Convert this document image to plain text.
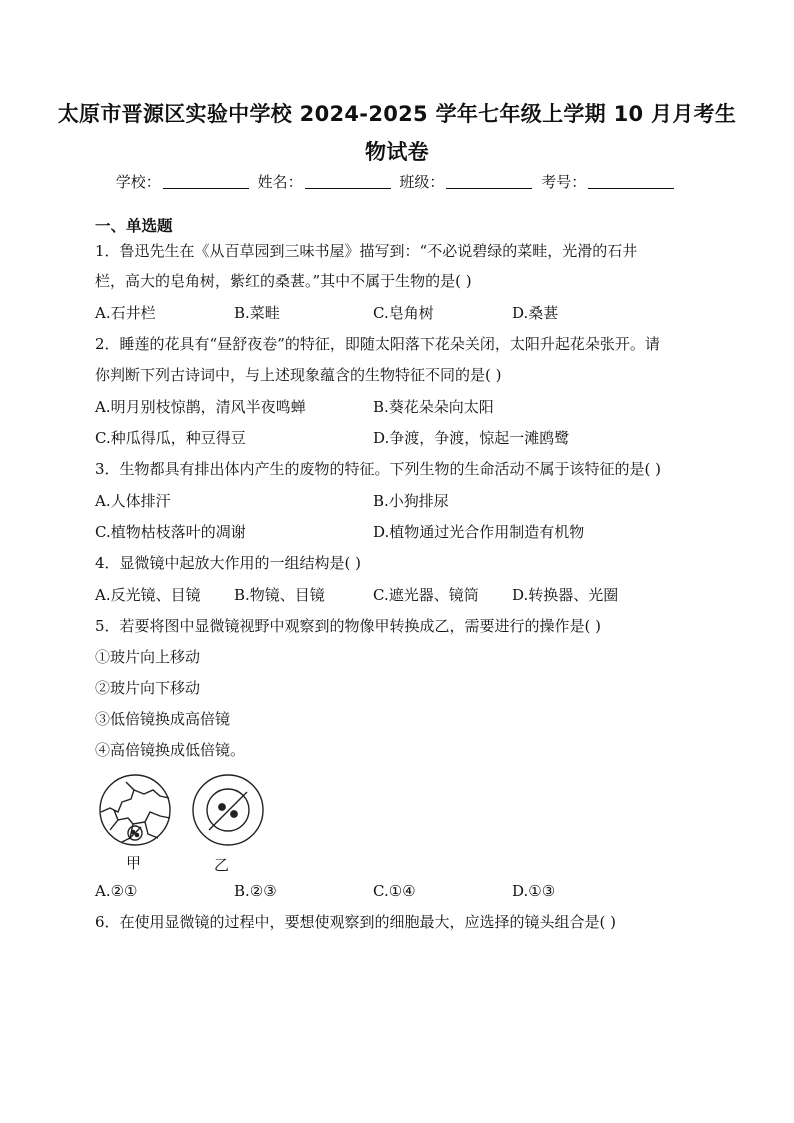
太原市晋源区实验中学校 2024-2025 学年七年级上学期 10 月月考生
物试卷
学校：	姓名：	班级：	考号：
一、单选题
1．鲁迅先生在《从百草园到三味书屋》描写到：“不必说碧绿的菜畦，光滑的石井
栏，高大的皂角树，紫红的桑葚。”其中不属于生物的是( )
A.石井栏	B.菜畦	C.皂角树	D.桑葚
2．睡莲的花具有“昼舒夜卷”的特征，即随太阳落下花朵关闭，太阳升起花朵张开。请
你判断下列古诗词中，与上述现象蕴含的生物特征不同的是( )
A.明月别枝惊鹊，清风半夜鸣蝉	B.葵花朵朵向太阳
C.种瓜得瓜，种豆得豆	D.争渡，争渡，惊起一滩鸥鹭
3．生物都具有排出体内产生的废物的特征。下列生物的生命活动不属于该特征的是( )
A.人体排汗	B.小狗排尿
C.植物枯枝落叶的凋谢	D.植物通过光合作用制造有机物
4．显微镜中起放大作用的一组结构是( )
A.反光镜、目镜 B.物镜、目镜	C.遮光器、镜筒 D.转换器、光圈
5．若要将图中显微镜视野中观察到的物像甲转换成乙，需要进行的操作是( )
①玻片向上移动
②玻片向下移动
③低倍镜换成高倍镜
④高倍镜换成低倍镜。
甲	乙
A.②①	B.②③	C.①④	D.①③
6．在使用显微镜的过程中，要想使观察到的细胞最大，应选择的镜头组合是( )
